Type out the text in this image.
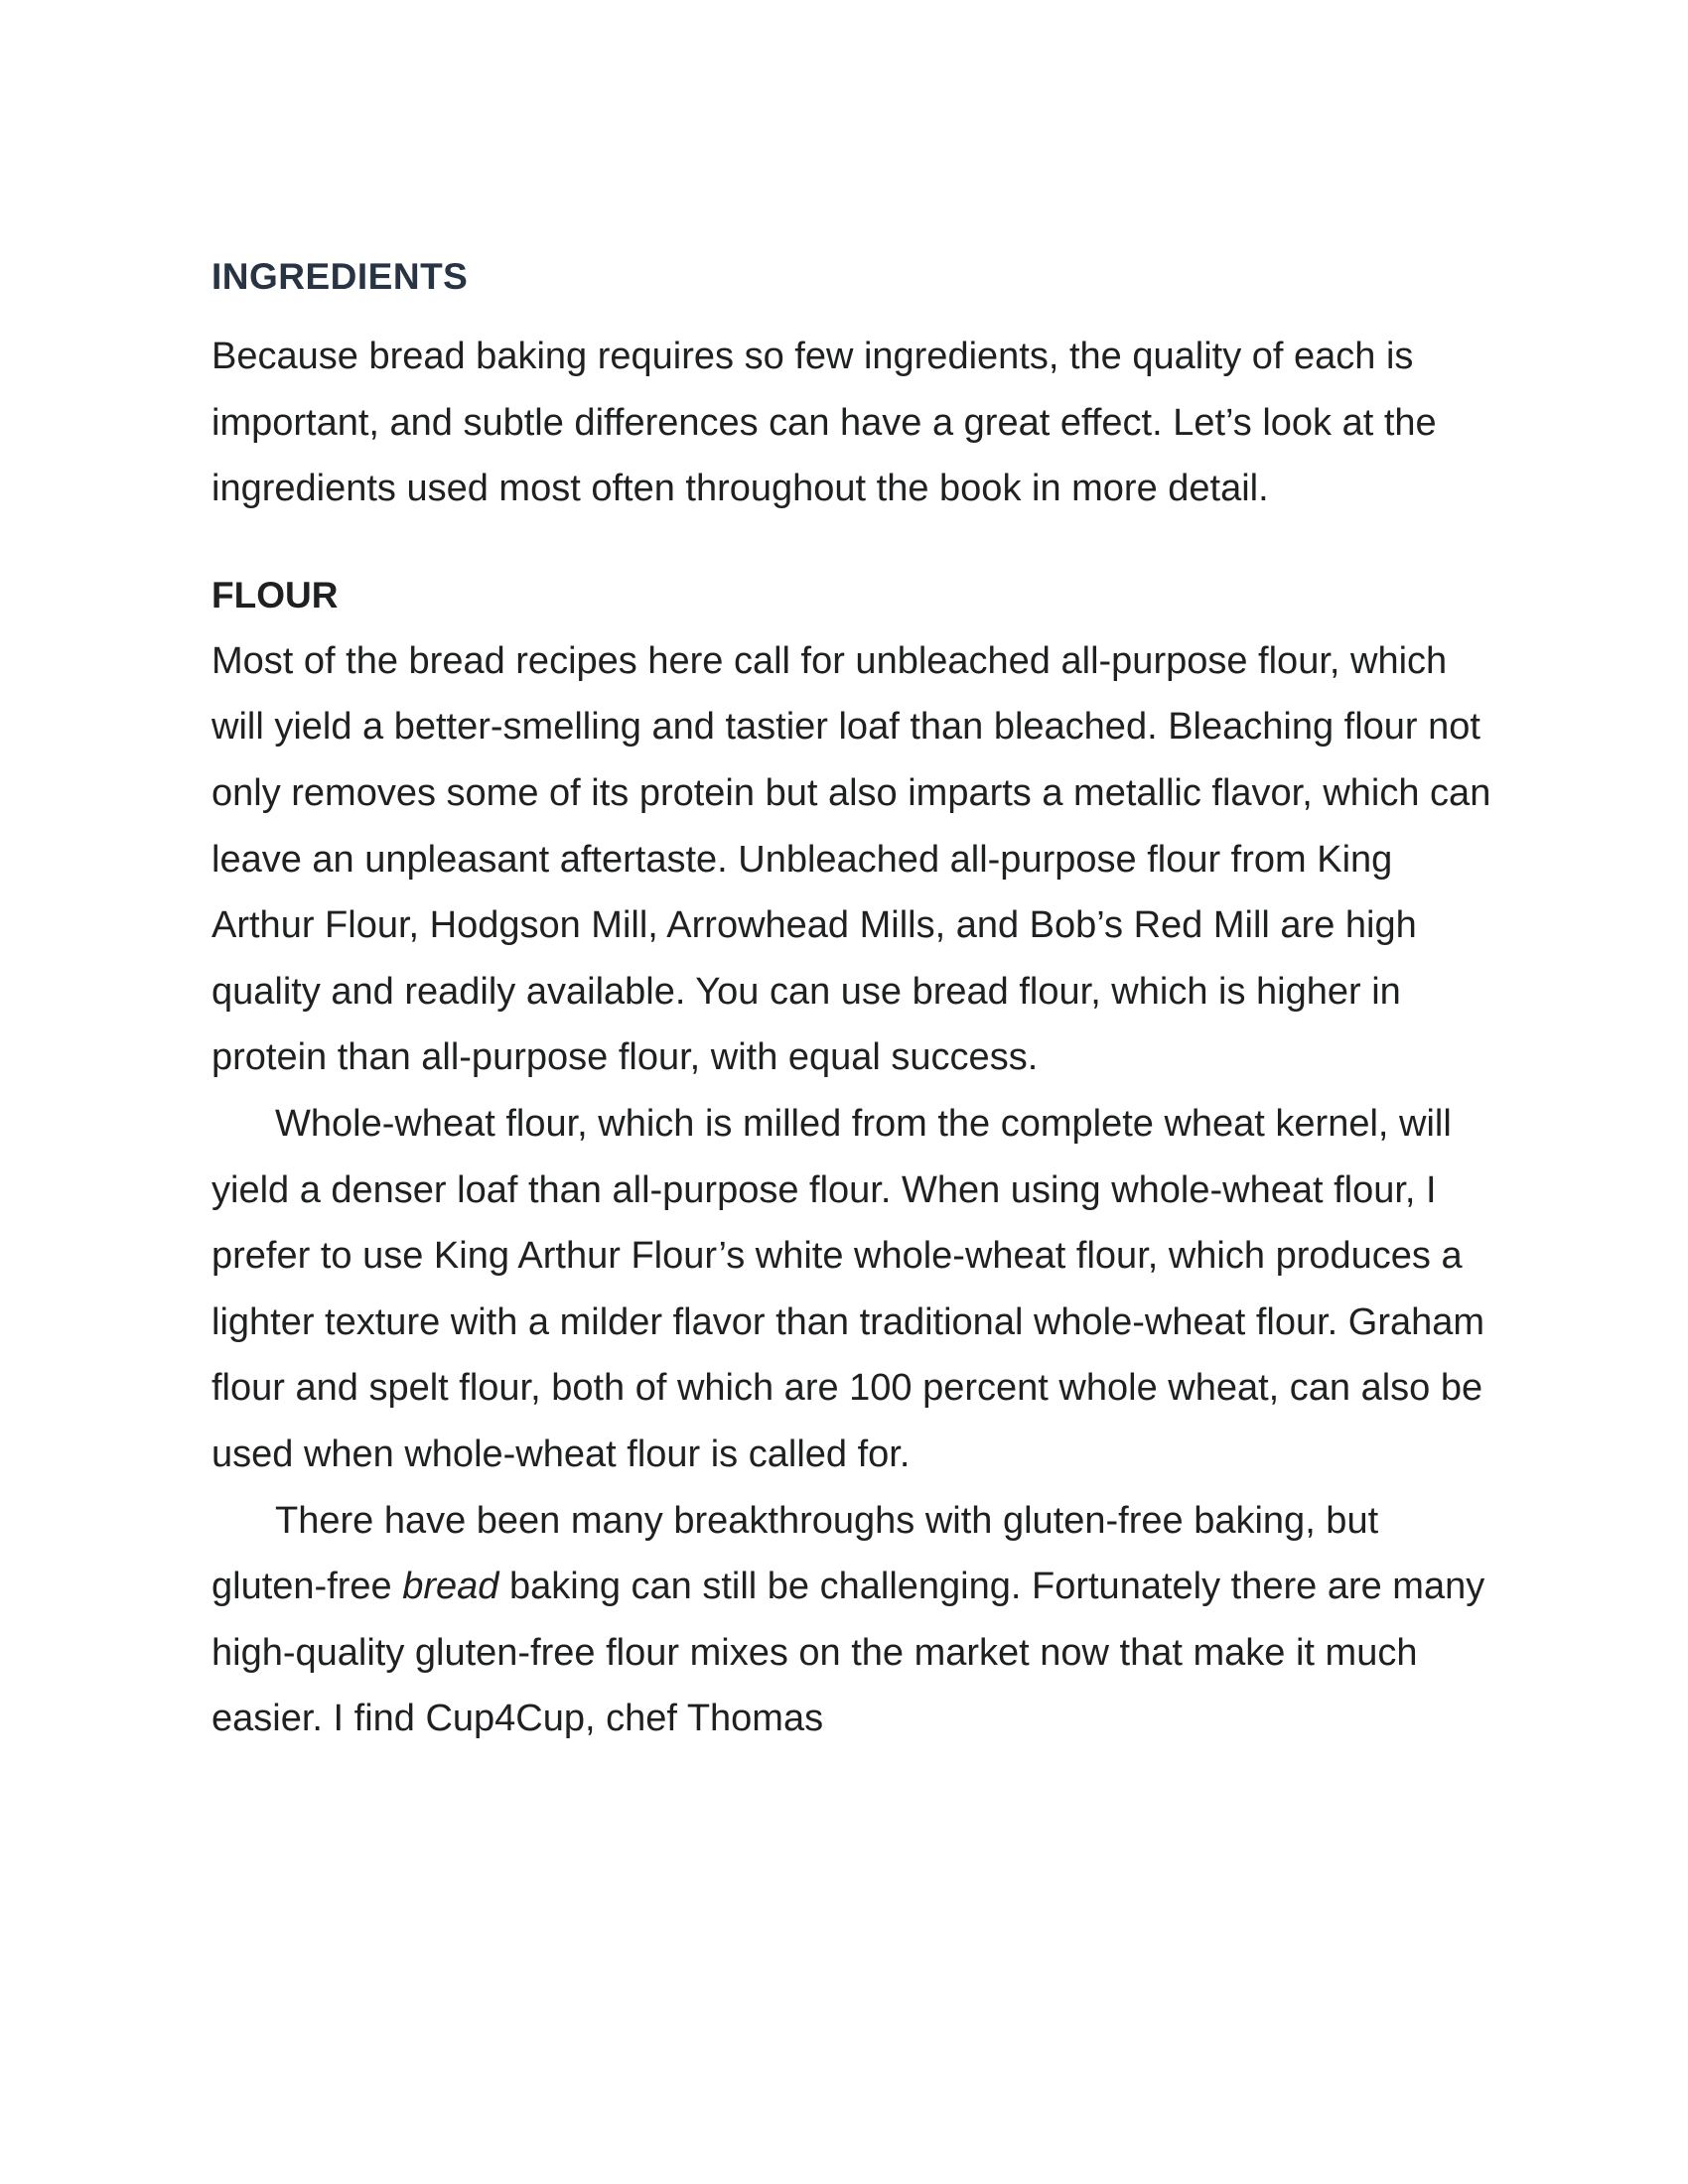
INGREDIENTS

Because bread baking requires so few ingredients, the quality of each is important, and subtle differences can have a great effect. Let’s look at the ingredients used most often throughout the book in more detail.

FLOUR

Most of the bread recipes here call for unbleached all-purpose flour, which will yield a better-smelling and tastier loaf than bleached. Bleaching flour not only removes some of its protein but also imparts a metallic flavor, which can leave an unpleasant aftertaste. Unbleached all-purpose flour from King Arthur Flour, Hodgson Mill, Arrowhead Mills, and Bob’s Red Mill are high quality and readily available. You can use bread flour, which is higher in protein than all-purpose flour, with equal success.

Whole-wheat flour, which is milled from the complete wheat kernel, will yield a denser loaf than all-purpose flour. When using whole-wheat flour, I prefer to use King Arthur Flour’s white whole-wheat flour, which produces a lighter texture with a milder flavor than traditional whole-wheat flour. Graham flour and spelt flour, both of which are 100 percent whole wheat, can also be used when whole-wheat flour is called for.

There have been many breakthroughs with gluten-free baking, but gluten-free bread baking can still be challenging. Fortunately there are many high-quality gluten-free flour mixes on the market now that make it much easier. I find Cup4Cup, chef Thomas
